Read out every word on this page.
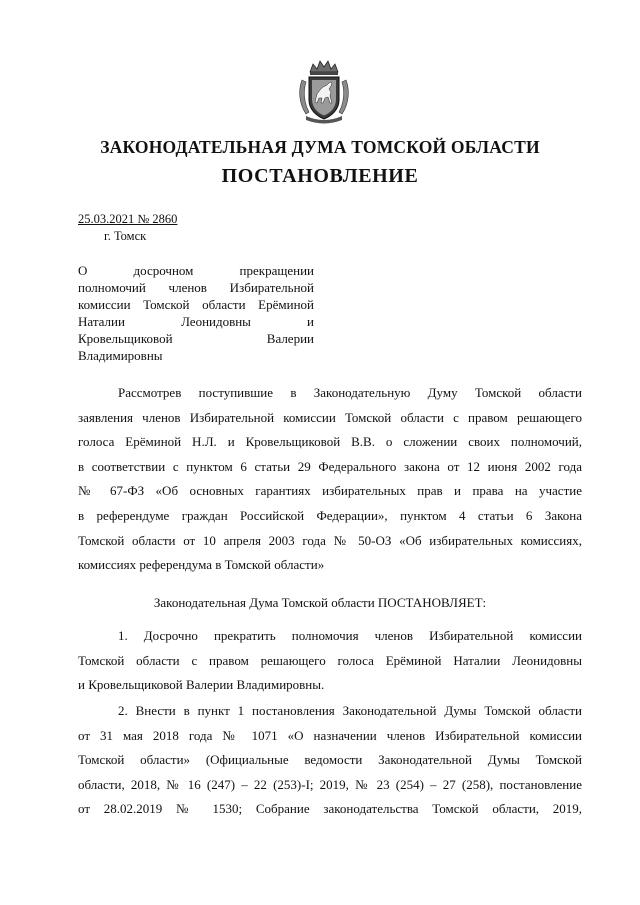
ЗАКОНОДАТЕЛЬНАЯ ДУМА ТОМСКОЙ ОБЛАСТИ
ПОСТАНОВЛЕНИЕ
25.03.2021 № 2860
г. Томск
О досрочном прекращении
полномочий членов Избирательной
комиссии Томской области Ерёминой
Наталии Леонидовны и
Кровельщиковой Валерии
Владимировны
Рассмотрев поступившие в Законодательную Думу Томской области
заявления членов Избирательной комиссии Томской области с правом решающего
голоса Ерёминой Н.Л. и Кровельщиковой В.В. о сложении своих полномочий,
в соответствии с пунктом 6 статьи 29 Федерального закона от 12 июня 2002 года
№ 67-ФЗ «Об основных гарантиях избирательных прав и права на участие
в референдуме граждан Российской Федерации», пунктом 4 статьи 6 Закона
Томской области от 10 апреля 2003 года № 50-ОЗ «Об избирательных комиссиях,
комиссиях референдума в Томской области»
Законодательная Дума Томской области ПОСТАНОВЛЯЕТ:
1. Досрочно прекратить полномочия членов Избирательной комиссии
Томской области с правом решающего голоса Ерёминой Наталии Леонидовны
и Кровельщиковой Валерии Владимировны.
2. Внести в пункт 1 постановления Законодательной Думы Томской области
от 31 мая 2018 года № 1071 «О назначении членов Избирательной комиссии
Томской области» (Официальные ведомости Законодательной Думы Томской
области, 2018, № 16 (247) – 22 (253)-I; 2019, № 23 (254) – 27 (258), постановление
от 28.02.2019 № 1530; Собрание законодательства Томской области, 2019,
